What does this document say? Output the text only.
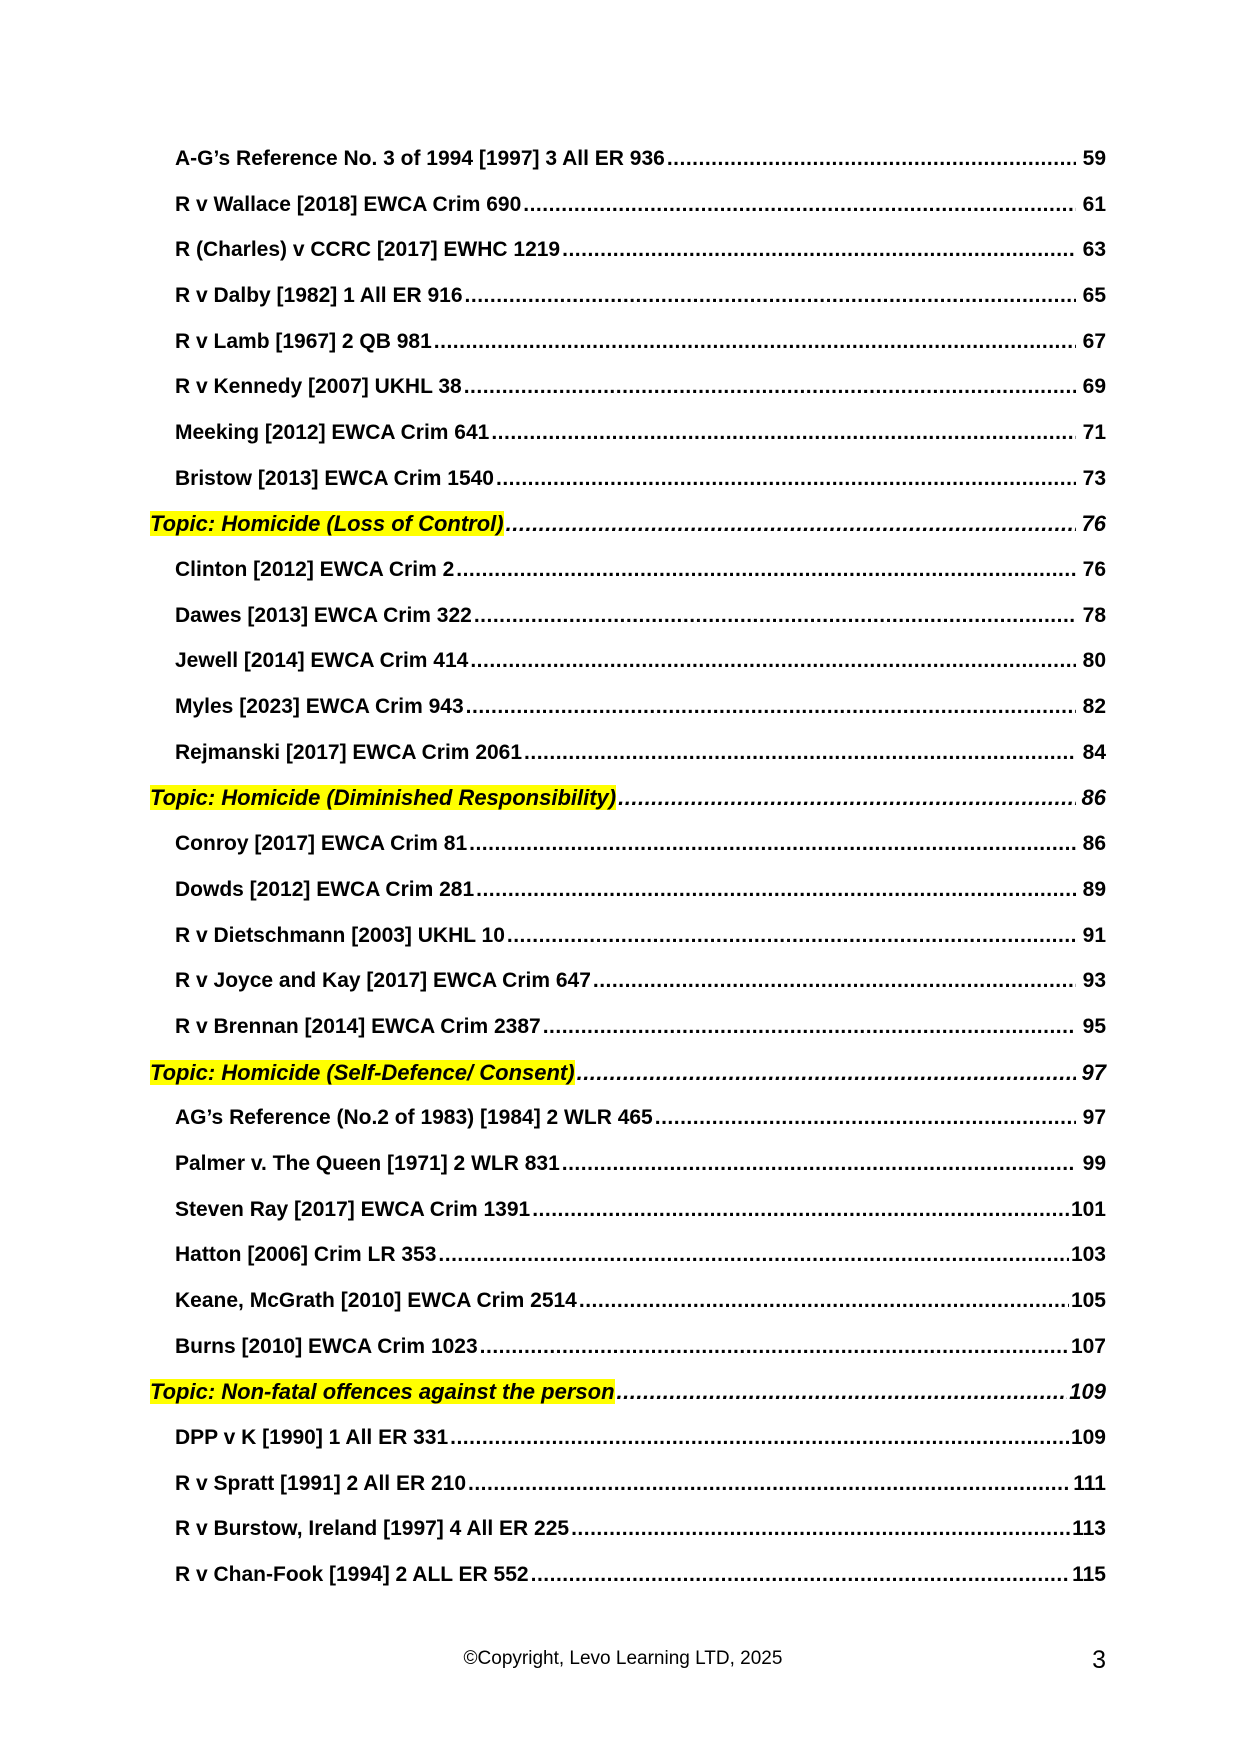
A-G’s Reference No. 3 of 1994 [1997] 3 All ER 936 .....	59
R v Wallace [2018] EWCA Crim 690 .....	61
R (Charles) v CCRC [2017] EWHC 1219 .....	63
R v Dalby [1982] 1 All ER 916 .....	65
R v Lamb [1967] 2 QB 981 .....	67
R v Kennedy [2007] UKHL 38 .....	69
Meeking [2012] EWCA Crim 641 .....	71
Bristow [2013] EWCA Crim 1540 .....	73
Topic: Homicide (Loss of Control) .....	76
Clinton [2012] EWCA Crim 2 .....	76
Dawes [2013] EWCA Crim 322 .....	78
Jewell [2014] EWCA Crim 414 .....	80
Myles [2023] EWCA Crim 943 .....	82
Rejmanski [2017] EWCA Crim 2061 .....	84
Topic: Homicide (Diminished Responsibility) .....	86
Conroy [2017] EWCA Crim 81 .....	86
Dowds [2012] EWCA Crim 281 .....	89
R v Dietschmann [2003] UKHL 10 .....	91
R v Joyce and Kay [2017] EWCA Crim 647 .....	93
R v Brennan [2014] EWCA Crim 2387 .....	95
Topic: Homicide (Self-Defence/ Consent) .....	97
AG’s Reference (No.2 of 1983) [1984] 2 WLR 465 .....	97
Palmer v. The Queen [1971] 2 WLR 831 .....	99
Steven Ray [2017] EWCA Crim 1391 .....	101
Hatton [2006] Crim LR 353 .....	103
Keane, McGrath [2010] EWCA Crim 2514 .....	105
Burns [2010] EWCA Crim 1023 .....	107
Topic: Non-fatal offences against the person .....	109
DPP v K [1990] 1 All ER 331 .....	109
R v Spratt [1991] 2 All ER 210 .....	111
R v Burstow, Ireland [1997] 4 All ER 225 .....	113
R v Chan-Fook [1994] 2 ALL ER 552 .....	115
©Copyright, Levo Learning LTD, 2025	3
